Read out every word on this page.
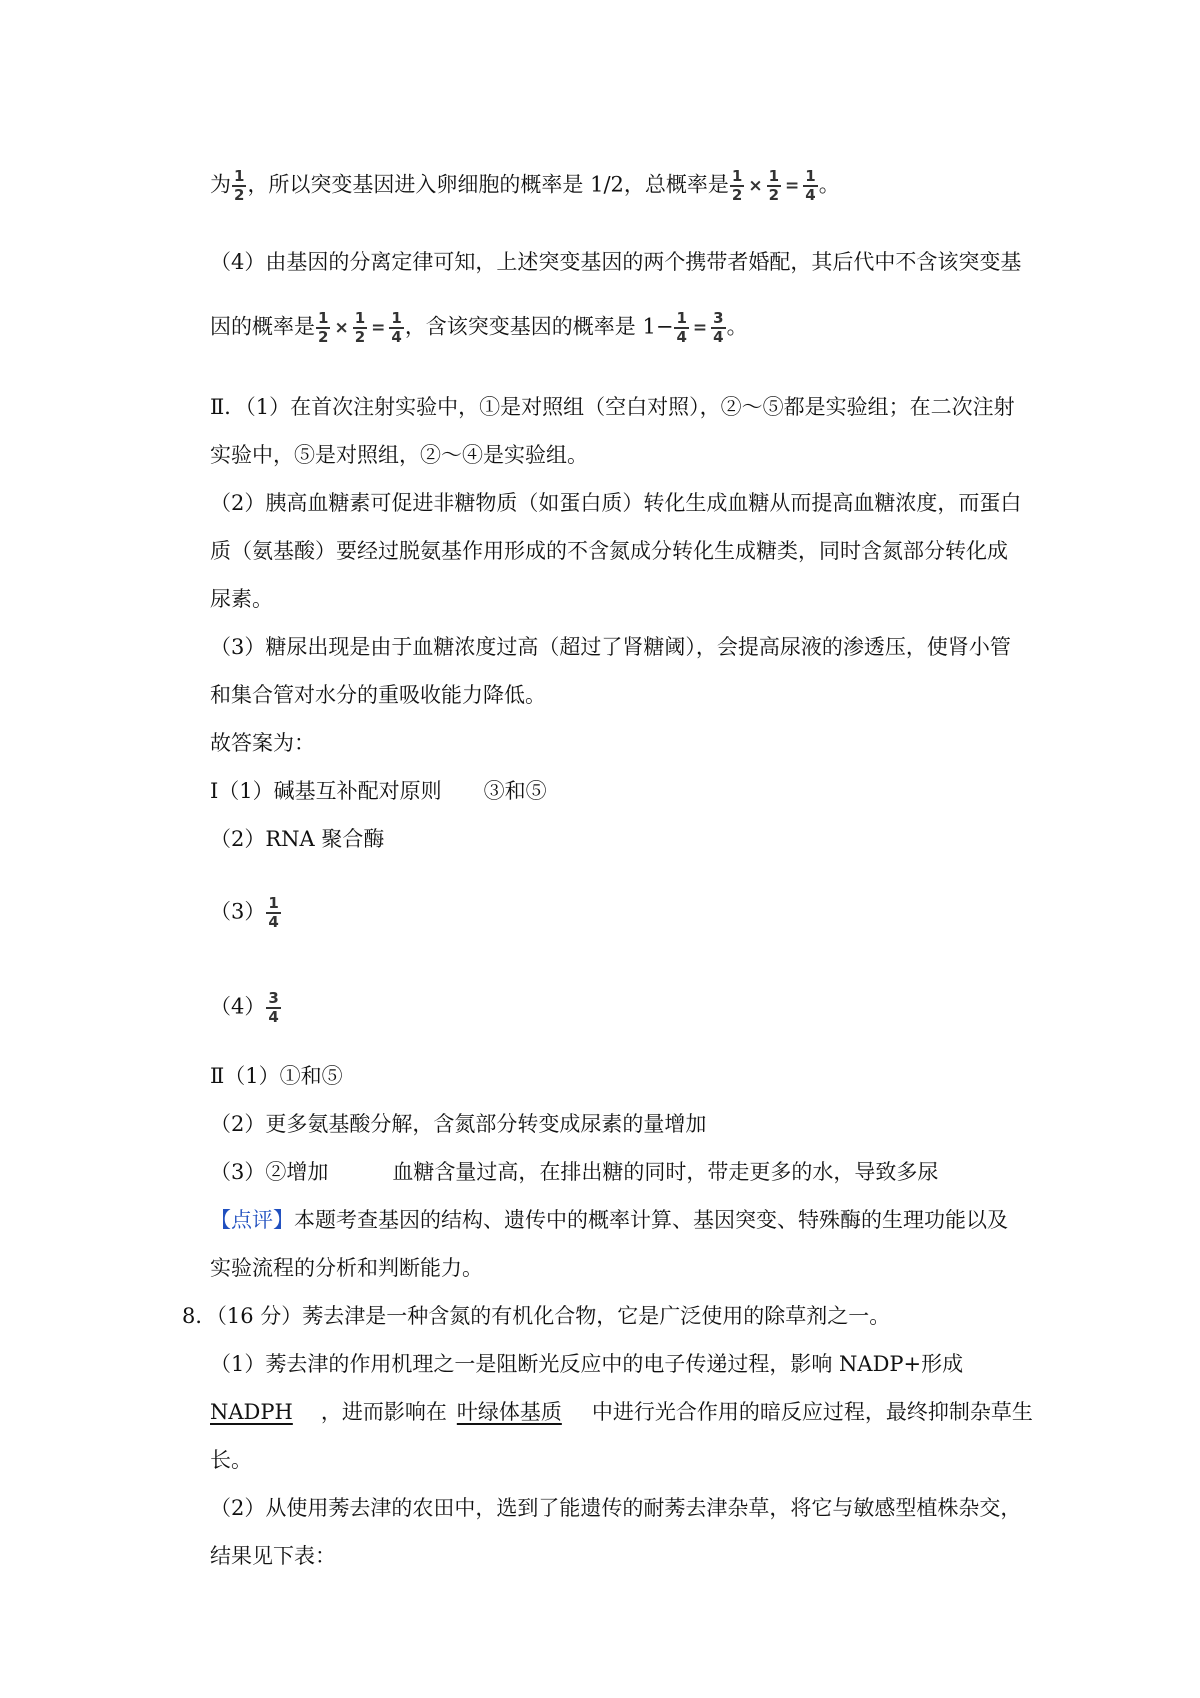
为 $\frac{1}{2}$ ，所以突变基因进入卵细胞的概率是 1/2，总概率是 $\frac{1}{2} \times \frac{1}{2} = \frac{1}{4}$ 。
（4）由基因的分离定律可知，上述突变基因的两个携带者婚配，其后代中不含该突变基
因的概率是 $\frac{1}{2} \times \frac{1}{2} = \frac{1}{4}$ ，含该突变基因的概率是 $1- \frac{1}{4} = \frac{3}{4}$ 。
Ⅱ．（1）在首次注射实验中，①是对照组（空白对照），②～⑤都是实验组；在二次注射
实验中，⑤是对照组，②～④是实验组。
（2）胰高血糖素可促进非糖物质（如蛋白质）转化生成血糖从而提高血糖浓度，而蛋白
质（氨基酸）要经过脱氨基作用形成的不含氮成分转化生成糖类，同时含氮部分转化成
尿素。
（3）糖尿出现是由于血糖浓度过高（超过了肾糖阈），会提高尿液的渗透压，使肾小管
和集合管对水分的重吸收能力降低。
故答案为：
Ⅰ（1）碱基互补配对原则 ③和⑤
（2）RNA 聚合酶
$(3) \frac{1}{4}$
$(4) \frac{3}{4}$
Ⅱ（1）①和⑤
（2）更多氨基酸分解，含氮部分转变成尿素的量增加
（3）②增加	血糖含量过高，在排出糖的同时，带走更多的水，导致多尿
【点评】本题考查基因的结构、遗传中的概率计算、基因突变、特殊酶的生理功能以及
实验流程的分析和判断能力。
8．（16 分）莠去津是一种含氮的有机化合物，它是广泛使用的除草剂之一。
（1）莠去津的作用机理之一是阻断光反应中的电子传递过程，影响 NADP+形成
NADPH ，进而影响在 叶绿体基质 中进行光合作用的暗反应过程，最终抑制杂草生
长。
（2）从使用莠去津的农田中，选到了能遗传的耐莠去津杂草，将它与敏感型植株杂交，
结果见下表：
